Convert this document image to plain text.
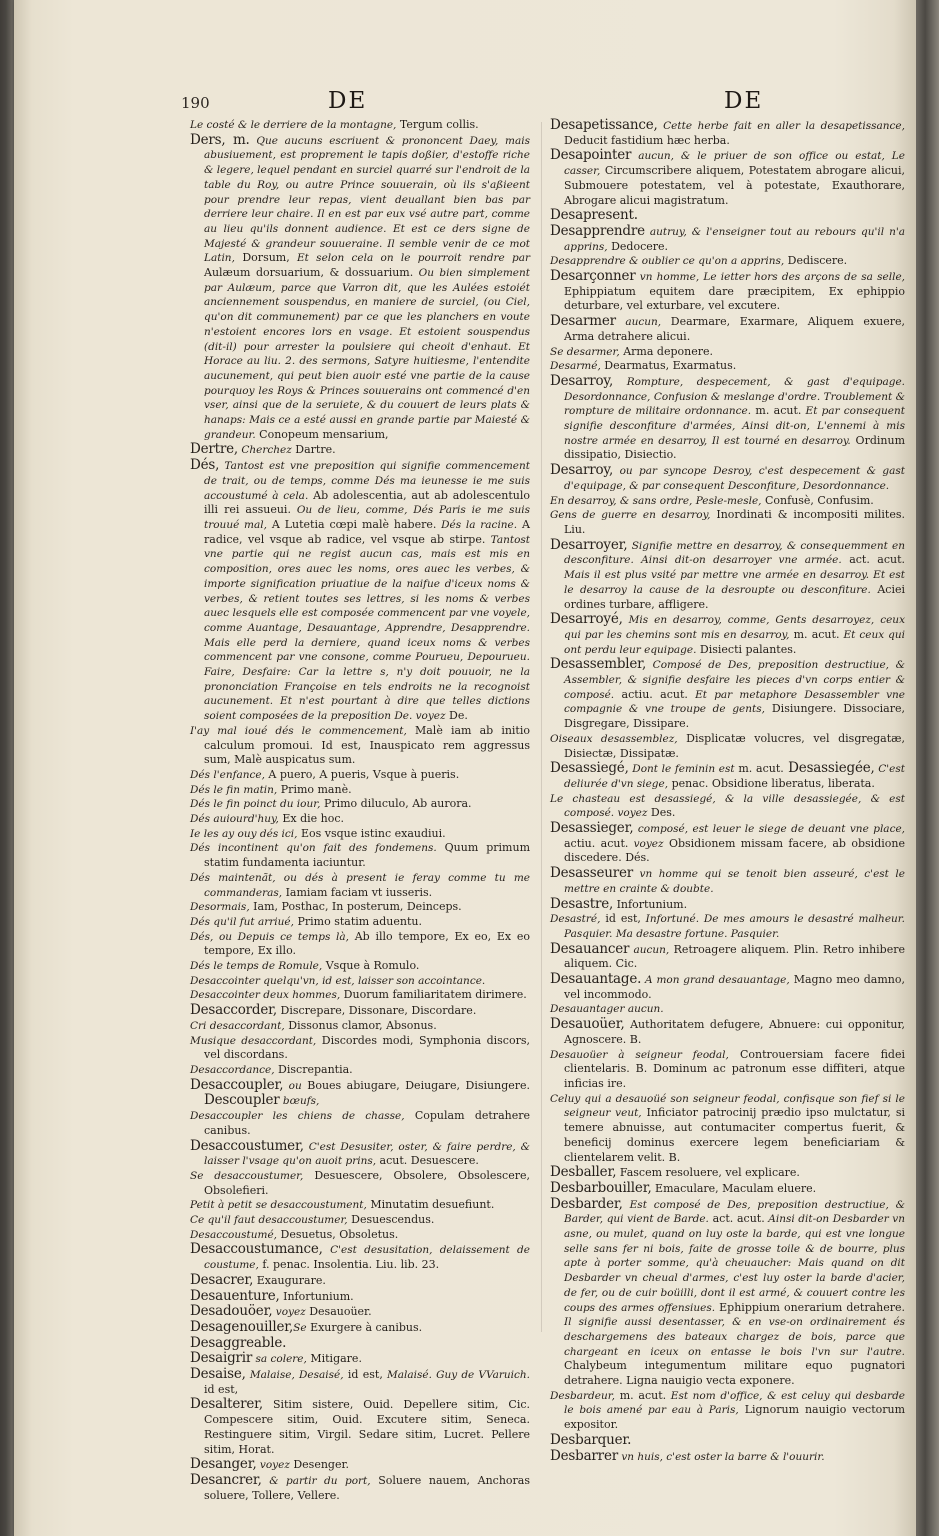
190	DE	DE

Le costé & le derriere de la montagne, Tergum collis.

Ders, m. Que aucuns escriuent & prononcent Daey, mais abusiuement, est proprement le tapis doßier, d'estoffe riche & legere, lequel pendant en surciel quarré sur l'endroit de la table du Roy, ou autre Prince souuerain, où ils s'aßieent pour prendre leur repas, vient deuallant bien bas par derriere leur chaire. Il en est par eux vsé autre part, comme au lieu qu'ils donnent audience. Et est ce ders signe de Majesté & grandeur souueraine. Il semble venir de ce mot Latin, Dorsum, Et selon cela on le pourroit rendre par Aulæum dorsuarium, & dossuarium. Ou bien simplement par Aulæum, parce que Varron dit, que les Aulées estoiét anciennement souspendus, en maniere de surciel, (ou Ciel, qu'on dit communement) par ce que les planchers en voute n'estoient encores lors en vsage. Et estoient souspendus (dit-il) pour arrester la poulsiere qui cheoit d'enhaut. Et Horace au liu. 2. des sermons, Satyre huitiesme, l'entendite aucunement, qui peut bien auoir esté vne partie de la cause pourquoy les Roys & Princes souuerains ont commencé d'en vser, ainsi que de la seruiete, & du couuert de leurs plats & hanaps: Mais ce a esté aussi en grande partie par Maiesté & grandeur. Conopeum mensarium,

Dertre, Cherchez Dartre.

Dés, Tantost est vne preposition qui signifie commencement de trait, ou de temps, comme Dés ma ieunesse ie me suis accoustumé à cela. Ab adolescentia, aut ab adolescentulo illi rei assueui. Ou de lieu, comme, Dés Paris ie me suis trouué mal, A Lutetia cœpi malè habere. Dés la racine. A radice, vel vsque ab radice, vel vsque ab stirpe. Tantost vne partie qui ne regist aucun cas, mais est mis en composition, ores auec les noms, ores auec les verbes, & importe signification priuatiue de la naifue d'iceux noms & verbes, & retient toutes ses lettres, si les noms & verbes auec lesquels elle est composée commencent par vne voyele, comme Auantage, Desauantage, Apprendre, Desapprendre. Mais elle perd la derniere, quand iceux noms & verbes commencent par vne consone, comme Pourueu, Depourueu. Faire, Desfaire: Car la lettre s, n'y doit pouuoir, ne la prononciation Françoise en tels endroits ne la recognoist aucunement. Et n'est pourtant à dire que telles dictions soient composées de la preposition De. voyez De.

I'ay mal ioué dés le commencement, Malè iam ab initio calculum promoui. Id est, Inauspicato rem aggressus sum, Malè auspicatus sum.

Dés l'enfance, A puero, A pueris, Vsque à pueris.

Dés le fin matin, Primo manè.

Dés le fin poinct du iour, Primo diluculo, Ab aurora.

Dés auiourd'huy, Ex die hoc.

Ie les ay ouy dés ici, Eos vsque istinc exaudiui.

Dés incontinent qu'on fait des fondemens. Quum primum statim fundamenta iaciuntur.

Dés maintenãt, ou dés à present ie feray comme tu me commanderas, Iamiam faciam vt iusseris.

Desormais, Iam, Posthac, In posterum, Deinceps.

Dés qu'il fut arriué, Primo statim aduentu.

Dés, ou Depuis ce temps là, Ab illo tempore, Ex eo, Ex eo tempore, Ex illo.

Dés le temps de Romule, Vsque à Romulo.

Desaccointer quelqu'vn, id est, laisser son accointance.

Desaccointer deux hommes, Duorum familiaritatem dirimere.

Desaccorder, Discrepare, Dissonare, Discordare.

Cri desaccordant, Dissonus clamor, Absonus.

Musique desaccordant, Discordes modi, Symphonia discors, vel discordans.

Desaccordance, Discrepantia.

Desaccoupler, ou Boues abiugare, Deiugare, Disiungere. Descoupler bœufs,

Desaccoupler les chiens de chasse, Copulam detrahere canibus.

Desaccoustumer, C'est Desusiter, oster, & faire perdre, & laisser l'vsage qu'on auoit prins, acut. Desuescere.

Se desaccoustumer, Desuescere, Obsolere, Obsolescere, Obsolefieri.

Petit à petit se desaccoustument, Minutatim desuefiunt.

Ce qu'il faut desaccoustumer, Desuescendus.

Desaccoustumé, Desuetus, Obsoletus.

Desaccoustumance, C'est desusitation, delaissement de coustume, f. penac. Insolentia. Liu. lib. 23.

Desacrer, Exaugurare.

Desauenture, Infortunium.

Desadouöer, voyez Desauoüer.

Desagenouiller,Se Exurgere à canibus.

Desaggreable.

Desaigrir sa colere, Mitigare.

Desaise, Malaise, Desaisé, id est, Malaisé. Guy de VVaruich. id est,

Desalterer, Sitim sistere, Ouid. Depellere sitim, Cic. Compescere sitim, Ouid. Excutere sitim, Seneca. Restinguere sitim, Virgil. Sedare sitim, Lucret. Pellere sitim, Horat.

Desanger, voyez Desenger.

Desancrer, & partir du port, Soluere nauem, Anchoras soluere, Tollere, Vellere.

Desapetissance, Cette herbe fait en aller la desapetissance, Deducit fastidium hæc herba.

Desapointer aucun, & le priuer de son office ou estat, Le casser, Circumscribere aliquem, Potestatem abrogare alicui, Submouere potestatem, vel à potestate, Exauthorare, Abrogare alicui magistratum.

Desapresent.

Desapprendre autruy, & l'enseigner tout au rebours qu'il n'a apprins, Dedocere.

Desapprendre & oublier ce qu'on a apprins, Dediscere.

Desarçonner vn homme, Le ietter hors des arçons de sa selle, Ephippiatum equitem dare præcipitem, Ex ephippio deturbare, vel exturbare, vel excutere.

Desarmer aucun, Dearmare, Exarmare, Aliquem exuere, Arma detrahere alicui.

Se desarmer, Arma deponere.

Desarmé, Dearmatus, Exarmatus.

Desarroy, Rompture, despecement, & gast d'equipage. Desordonnance, Confusion & meslange d'ordre. Troublement & rompture de militaire ordonnance. m. acut. Et par consequent signifie desconfiture d'armées, Ainsi dit-on, L'ennemi à mis nostre armée en desarroy, Il est tourné en desarroy. Ordinum dissipatio, Disiectio.

Desarroy, ou par syncope Desroy, c'est despecement & gast d'equipage, & par consequent Desconfiture, Desordonnance.

En desarroy, & sans ordre, Pesle-mesle, Confusè, Confusim.

Gens de guerre en desarroy, Inordinati & incompositi milites. Liu.

Desarroyer, Signifie mettre en desarroy, & consequemment en desconfiture. Ainsi dit-on desarroyer vne armée. act. acut. Mais il est plus vsité par mettre vne armée en desarroy. Et est le desarroy la cause de la desroupte ou desconfiture. Aciei ordines turbare, affligere.

Desarroyé, Mis en desarroy, comme, Gents desarroyez, ceux qui par les chemins sont mis en desarroy, m. acut. Et ceux qui ont perdu leur equipage. Disiecti palantes.

Desassembler, Composé de Des, preposition destructiue, & Assembler, & signifie desfaire les pieces d'vn corps entier & composé. actiu. acut. Et par metaphore Desassembler vne compagnie & vne troupe de gents, Disiungere. Dissociare, Disgregare, Dissipare.

Oiseaux desassemblez, Displicatæ volucres, vel disgregatæ, Disiectæ, Dissipatæ.

Desassiegé, Dont le feminin est m. acut. Desassiegée, C'est deliurée d'vn siege, penac. Obsidione liberatus, liberata.

Le chasteau est desassiegé, & la ville desassiegée, & est composé. voyez Des.

Desassieger, composé, est leuer le siege de deuant vne place, actiu. acut. voyez Obsidionem missam facere, ab obsidione discedere. Dés.

Desasseurer vn homme qui se tenoit bien asseuré, c'est le mettre en crainte & doubte.

Desastre, Infortunium.

Desastré, id est, Infortuné. De mes amours le desastré malheur. Pasquier. Ma desastre fortune. Pasquier.

Desauancer aucun, Retroagere aliquem. Plin. Retro inhibere aliquem. Cic.

Desauantage. A mon grand desauantage, Magno meo damno, vel incommodo.

Desauantager aucun.

Desauoüer, Authoritatem defugere, Abnuere: cui opponitur, Agnoscere. B.

Desauoüer à seigneur feodal, Controuersiam facere fidei clientelaris. B. Dominum ac patronum esse diffiteri, atque inficias ire.

Celuy qui a desauoüé son seigneur feodal, confisque son fief si le seigneur veut, Inficiator patrocinij prædio ipso mulctatur, si temere abnuisse, aut contumaciter compertus fuerit, & beneficij dominus exercere legem beneficiariam & clientelarem velit. B.

Desballer, Fascem resoluere, vel explicare.

Desbarbouiller, Emaculare, Maculam eluere.

Desbarder, Est composé de Des, preposition destructiue, & Barder, qui vient de Barde. act. acut. Ainsi dit-on Desbarder vn asne, ou mulet, quand on luy oste la barde, qui est vne longue selle sans fer ni bois, faite de grosse toile & de bourre, plus apte à porter somme, qu'à cheuaucher: Mais quand on dit Desbarder vn cheual d'armes, c'est luy oster la barde d'acier, de fer, ou de cuir boüilli, dont il est armé, & couuert contre les coups des armes offensiues. Ephippium onerarium detrahere. Il signifie aussi desentasser, & en vse-on ordinairement és deschargemens des bateaux chargez de bois, parce que chargeant en iceux on entasse le bois l'vn sur l'autre. Chalybeum integumentum militare equo pugnatori detrahere. Ligna nauigio vecta exponere.

Desbardeur, m. acut. Est nom d'office, & est celuy qui desbarde le bois amené par eau à Paris, Lignorum nauigio vectorum expositor.

Desbarquer.

Desbarrer vn huis, c'est oster la barre & l'ouurir.
